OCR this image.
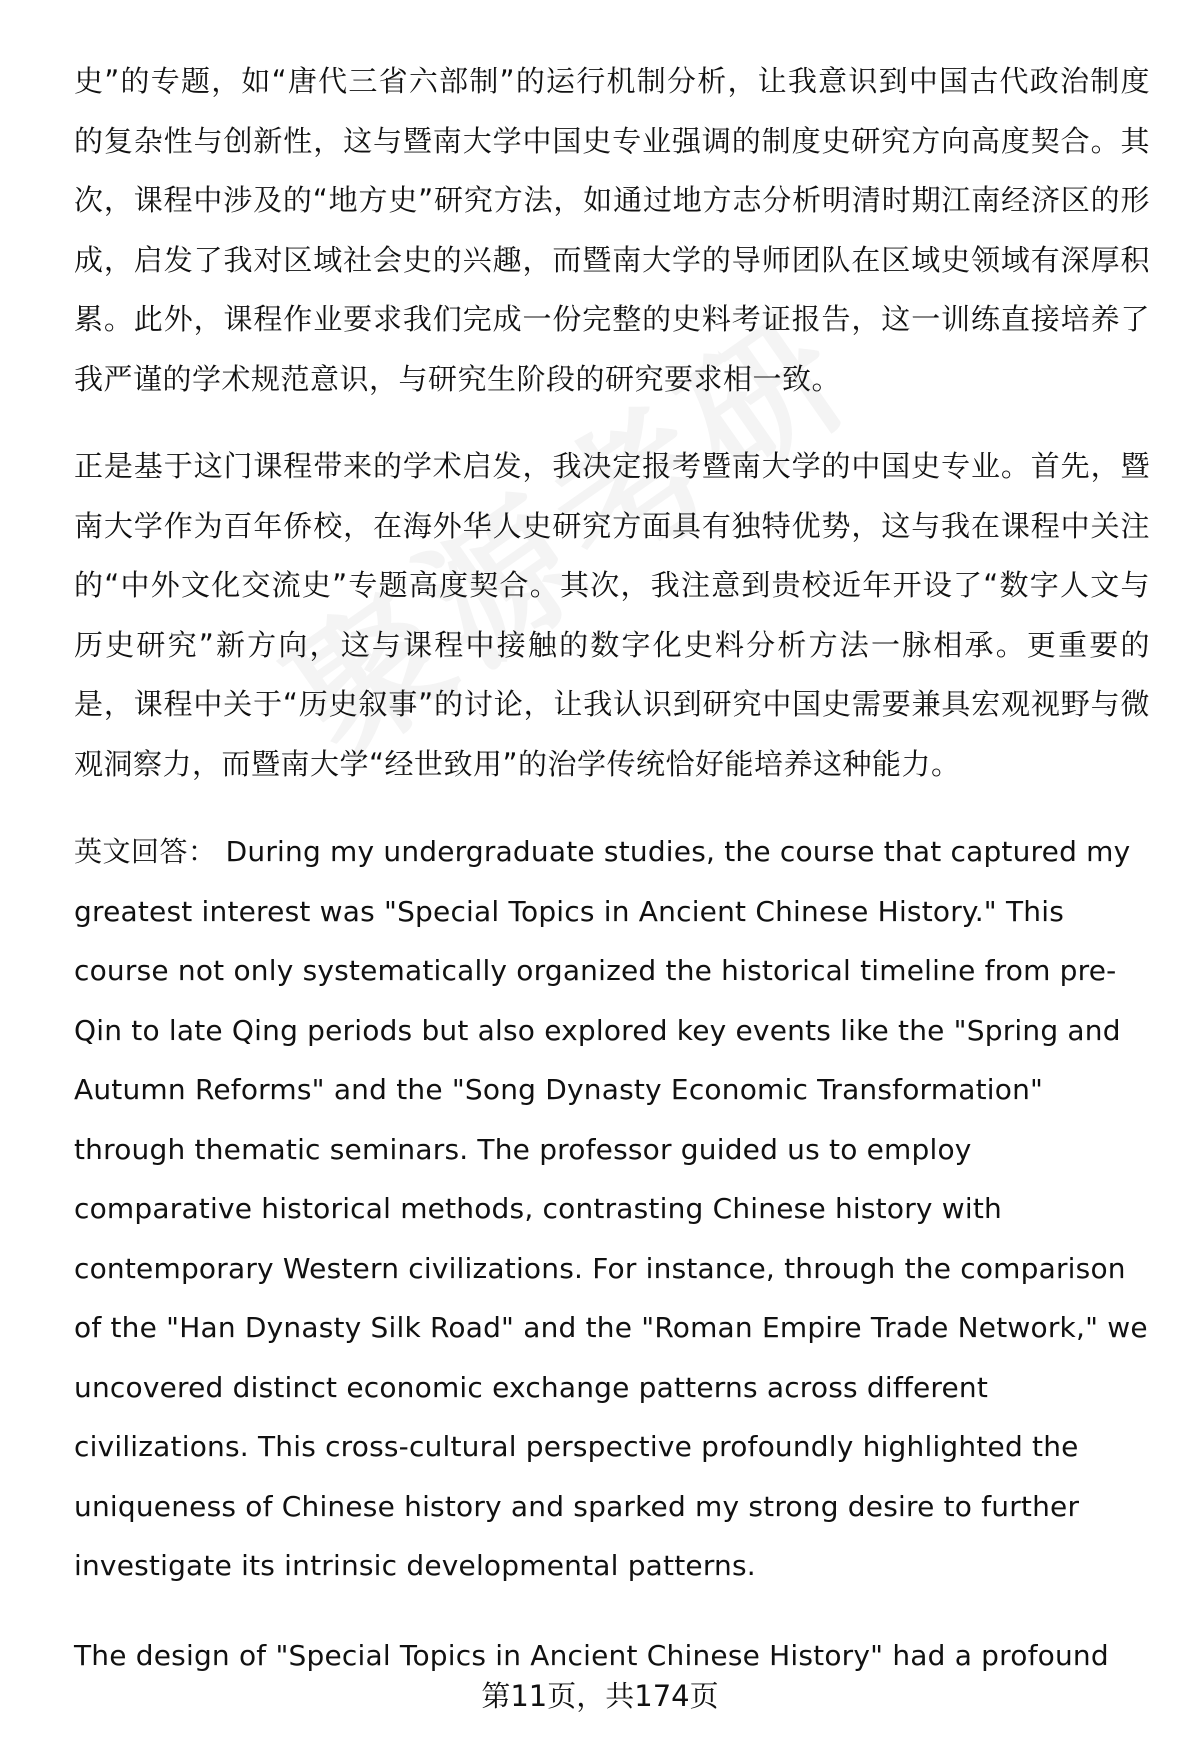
史”的专题，如“唐代三省六部制”的运行机制分析，让我意识到中国古代政治制度的复杂性与创新性，这与暨南大学中国史专业强调的制度史研究方向高度契合。其次，课程中涉及的“地方史”研究方法，如通过地方志分析明清时期江南经济区的形成，启发了我对区域社会史的兴趣，而暨南大学的导师团队在区域史领域有深厚积累。此外，课程作业要求我们完成一份完整的史料考证报告，这一训练直接培养了我严谨的学术规范意识，与研究生阶段的研究要求相一致。

正是基于这门课程带来的学术启发，我决定报考暨南大学的中国史专业。首先，暨南大学作为百年侨校，在海外华人史研究方面具有独特优势，这与我在课程中关注的“中外文化交流史”专题高度契合。其次，我注意到贵校近年开设了“数字人文与历史研究”新方向，这与课程中接触的数字化史料分析方法一脉相承。更重要的是，课程中关于“历史叙事”的讨论，让我认识到研究中国史需要兼具宏观视野与微观洞察力，而暨南大学“经世致用”的治学传统恰好能培养这种能力。

英文回答： During my undergraduate studies, the course that captured my greatest interest was "Special Topics in Ancient Chinese History." This course not only systematically organized the historical timeline from pre-Qin to late Qing periods but also explored key events like the "Spring and Autumn Reforms" and the "Song Dynasty Economic Transformation" through thematic seminars. The professor guided us to employ comparative historical methods, contrasting Chinese history with contemporary Western civilizations. For instance, through the comparison of the "Han Dynasty Silk Road" and the "Roman Empire Trade Network," we uncovered distinct economic exchange patterns across different civilizations. This cross-cultural perspective profoundly highlighted the uniqueness of Chinese history and sparked my strong desire to further investigate its intrinsic developmental patterns.

The design of "Special Topics in Ancient Chinese History" had a profound

第11页，共174页
